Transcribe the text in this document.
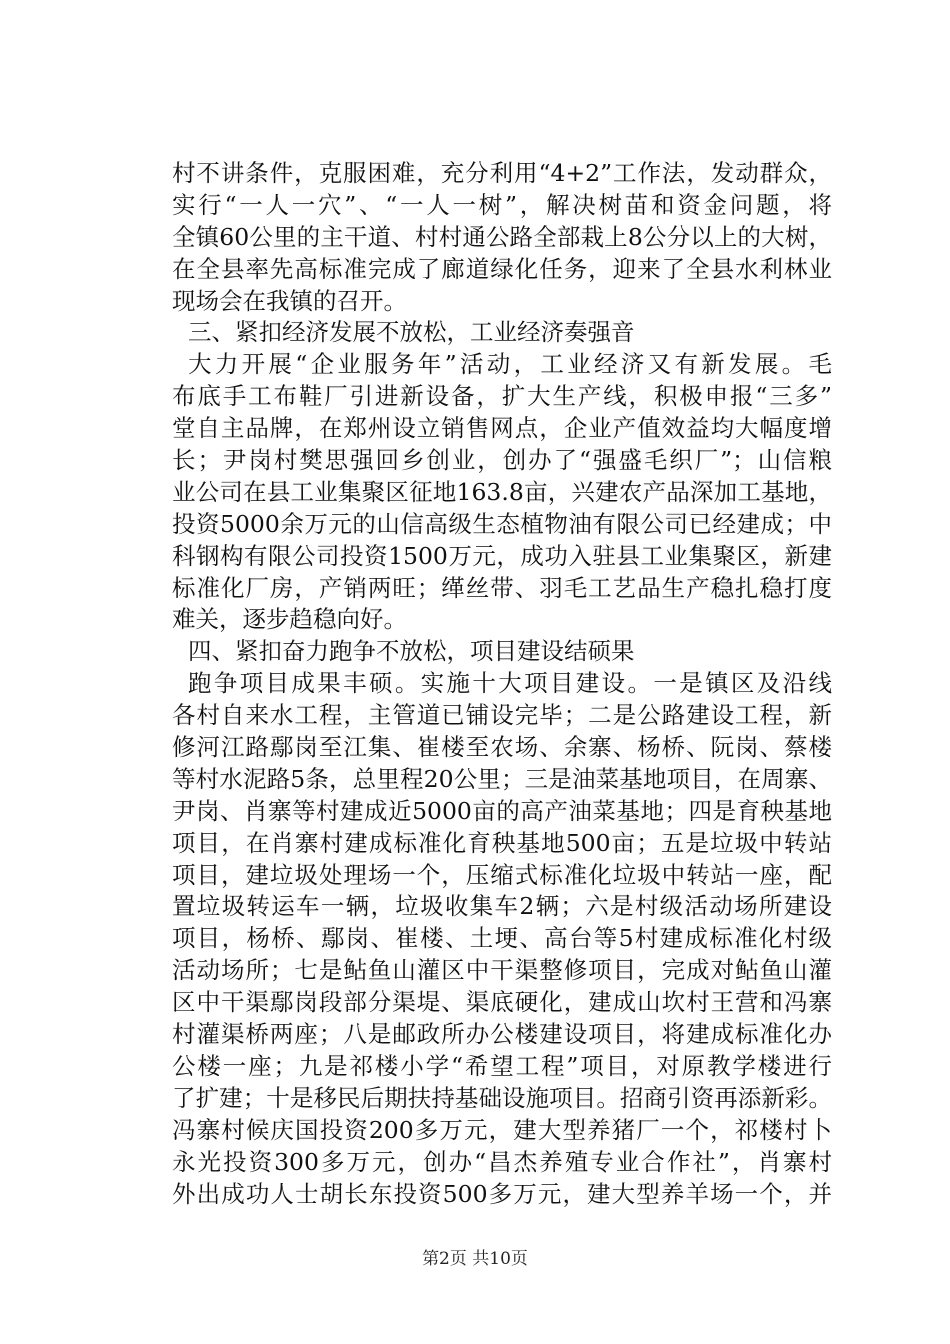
村不讲条件，克服困难，充分利用“4+2”工作法，发动群众，
实行“一人一穴”、“一人一树”，解决树苗和资金问题，将
全镇60公里的主干道、村村通公路全部栽上8公分以上的大树，
在全县率先高标准完成了廊道绿化任务，迎来了全县水利林业
现场会在我镇的召开。
三、紧扣经济发展不放松，工业经济奏强音
大力开展“企业服务年”活动，工业经济又有新发展。毛
布底手工布鞋厂引进新设备，扩大生产线，积极申报“三多”
堂自主品牌，在郑州设立销售网点，企业产值效益均大幅度增
长；尹岗村樊思强回乡创业，创办了“强盛毛织厂”；山信粮
业公司在县工业集聚区征地163.8亩，兴建农产品深加工基地，
投资5000余万元的山信高级生态植物油有限公司已经建成；中
科钢构有限公司投资1500万元，成功入驻县工业集聚区，新建
标准化厂房，产销两旺；缂丝带、羽毛工艺品生产稳扎稳打度
难关，逐步趋稳向好。
四、紧扣奋力跑争不放松，项目建设结硕果
跑争项目成果丰硕。实施十大项目建设。一是镇区及沿线
各村自来水工程，主管道已铺设完毕；二是公路建设工程，新
修河江路鄢岗至江集、崔楼至农场、余寨、杨桥、阮岗、蔡楼
等村水泥路5条，总里程20公里；三是油菜基地项目，在周寨、
尹岗、肖寨等村建成近5000亩的高产油菜基地；四是育秧基地
项目，在肖寨村建成标准化育秧基地500亩；五是垃圾中转站
项目，建垃圾处理场一个，压缩式标准化垃圾中转站一座，配
置垃圾转运车一辆，垃圾收集车2辆；六是村级活动场所建设
项目，杨桥、鄢岗、崔楼、土埂、高台等5村建成标准化村级
活动场所；七是鲇鱼山灌区中干渠整修项目，完成对鲇鱼山灌
区中干渠鄢岗段部分渠堤、渠底硬化，建成山坎村王营和冯寨
村灌渠桥两座；八是邮政所办公楼建设项目，将建成标准化办
公楼一座；九是祁楼小学“希望工程”项目，对原教学楼进行
了扩建；十是移民后期扶持基础设施项目。招商引资再添新彩。
冯寨村候庆国投资200多万元，建大型养猪厂一个，祁楼村卜
永光投资300多万元，创办“昌杰养殖专业合作社”，肖寨村
外出成功人士胡长东投资500多万元，建大型养羊场一个，并
第2页 共10页
